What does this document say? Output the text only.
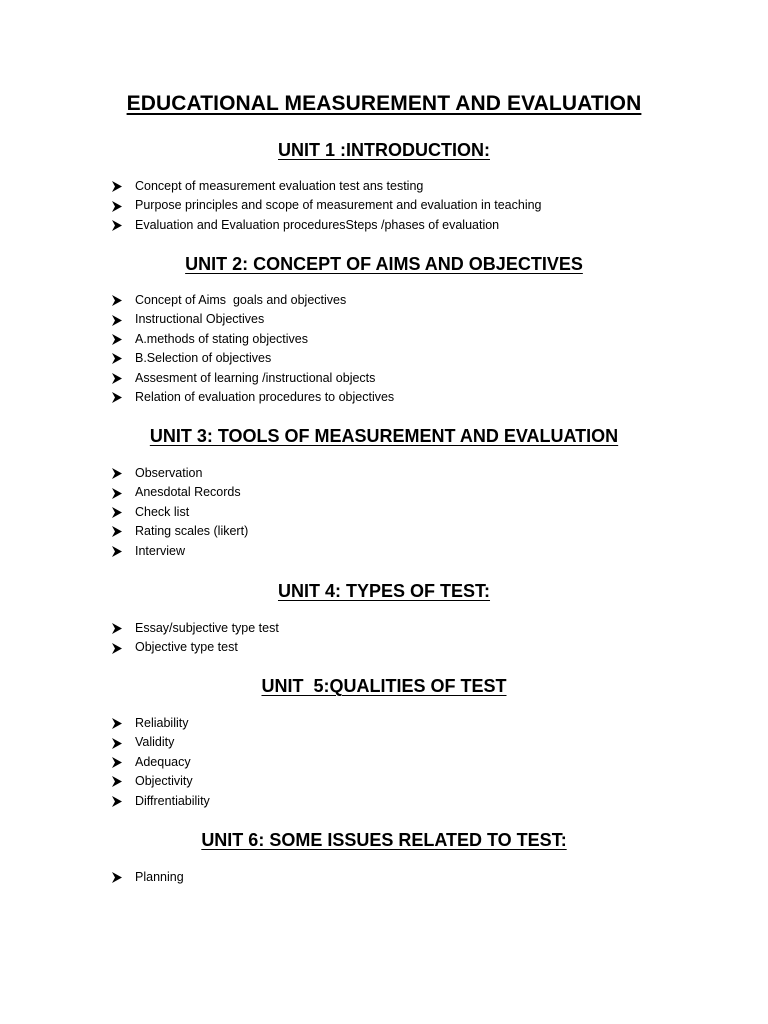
EDUCATIONAL MEASUREMENT AND EVALUATION
UNIT 1 :INTRODUCTION:
Concept of measurement evaluation test ans testing
Purpose principles and scope of measurement and evaluation in teaching
Evaluation and Evaluation proceduresSteps /phases of evaluation
UNIT 2: CONCEPT OF AIMS AND OBJECTIVES
Concept of Aims  goals and objectives
Instructional Objectives
A.methods of stating objectives
B.Selection of objectives
Assesment of learning /instructional objects
Relation of evaluation procedures to objectives
UNIT 3: TOOLS OF MEASUREMENT AND EVALUATION
Observation
Anesdotal Records
Check list
Rating scales (likert)
Interview
UNIT 4: TYPES OF TEST:
Essay/subjective type test
Objective type test
UNIT  5:QUALITIES OF TEST
Reliability
Validity
Adequacy
Objectivity
Diffrentiability
UNIT 6: SOME ISSUES RELATED TO TEST:
Planning
